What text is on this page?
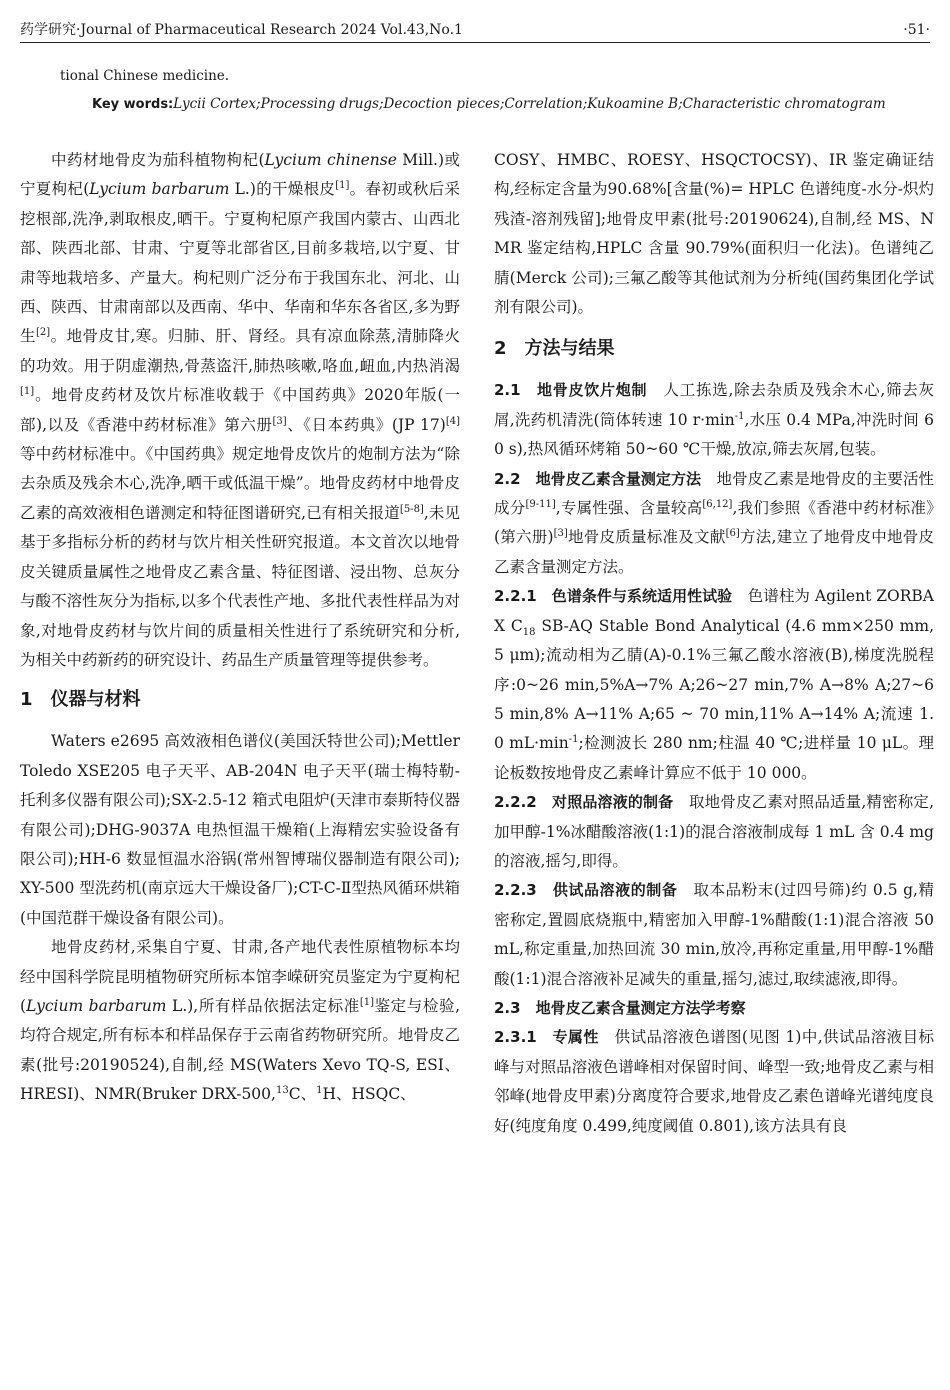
药学研究·Journal of Pharmaceutical Research 2024 Vol.43,No.1	·51·
tional Chinese medicine.
Key words:Lycii Cortex;Processing drugs;Decoction pieces;Correlation;Kukoamine B;Characteristic chromatogram

中药材地骨皮为茄科植物枸杞(Lycium chinense Mill.)或宁夏枸杞(Lycium barbarum L.)的干燥根皮[1]。春初或秋后采挖根部,洗净,剥取根皮,晒干。宁夏枸杞原产我国内蒙古、山西北部、陕西北部、甘肃、宁夏等北部省区,目前多栽培,以宁夏、甘肃等地栽培多、产量大。枸杞则广泛分布于我国东北、河北、山西、陕西、甘肃南部以及西南、华中、华南和华东各省区,多为野生[2]。地骨皮甘,寒。归肺、肝、肾经。具有凉血除蒸,清肺降火的功效。用于阴虚潮热,骨蒸盗汗,肺热咳嗽,咯血,衄血,内热消渴[1]。地骨皮药材及饮片标准收载于《中国药典》2020年版(一部),以及《香港中药材标准》第六册[3]、《日本药典》(JP 17)[4]等中药材标准中。《中国药典》规定地骨皮饮片的炮制方法为“除去杂质及残余木心,洗净,晒干或低温干燥”。地骨皮药材中地骨皮乙素的高效液相色谱测定和特征图谱研究,已有相关报道[5-8],未见基于多指标分析的药材与饮片相关性研究报道。本文首次以地骨皮关键质量属性之地骨皮乙素含量、特征图谱、浸出物、总灰分与酸不溶性灰分为指标,以多个代表性产地、多批代表性样品为对象,对地骨皮药材与饮片间的质量相关性进行了系统研究和分析,为相关中药新药的研究设计、药品生产质量管理等提供参考。

1　仪器与材料

Waters e2695 高效液相色谱仪(美国沃特世公司);Mettler Toledo XSE205 电子天平、AB-204N 电子天平(瑞士梅特勒-托利多仪器有限公司);SX-2.5-12 箱式电阻炉(天津市泰斯特仪器有限公司);DHG-9037A 电热恒温干燥箱(上海精宏实验设备有限公司);HH-6 数显恒温水浴锅(常州智博瑞仪器制造有限公司);XY-500 型洗药机(南京远大干燥设备厂);CT-C-Ⅱ型热风循环烘箱(中国范群干燥设备有限公司)。

地骨皮药材,采集自宁夏、甘肃,各产地代表性原植物标本均经中国科学院昆明植物研究所标本馆李嵘研究员鉴定为宁夏枸杞(Lycium barbarum L.),所有样品依据法定标准[1]鉴定与检验,均符合规定,所有标本和样品保存于云南省药物研究所。地骨皮乙素(批号:20190524),自制,经 MS(Waters Xevo TQ-S, ESI、HRESI)、NMR(Bruker DRX-500,13C、$^1$H、HSQC、

COSY、HMBC、ROESY、HSQCTOCSY)、IR 鉴定确证结构,经标定含量为90.68%[含量(%)= HPLC 色谱纯度-水分-炽灼残渣-溶剂残留];地骨皮甲素(批号:20190624),自制,经 MS、NMR 鉴定结构,HPLC 含量 90.79%(面积归一化法)。色谱纯乙腈(Merck 公司);三氟乙酸等其他试剂为分析纯(国药集团化学试剂有限公司)。

2　方法与结果

2.1　地骨皮饮片炮制　人工拣选,除去杂质及残余木心,筛去灰屑,洗药机清洗(筒体转速 10 $r\cdot\min^{-1}$,水压 0.4 MPa,冲洗时间 60 s),热风循环烤箱 50~60 ℃干燥,放凉,筛去灰屑,包装。

2.2　地骨皮乙素含量测定方法　地骨皮乙素是地骨皮的主要活性成分[9-11],专属性强、含量较高[6,12],我们参照《香港中药材标准》(第六册)[3]地骨皮质量标准及文献[6]方法,建立了地骨皮中地骨皮乙素含量测定方法。

2.2.1　色谱条件与系统适用性试验　色谱柱为 Agilent ZORBAX $C_{18}$ SB-AQ Stable Bond Analytical (4.6 mm×250 mm,5 μm);流动相为乙腈(A)-0.1%三氟乙酸水溶液(B),梯度洗脱程序:0~26 min,5%A→7% A;26~27 min,7% A→8% A;27~65 min,8% A→11% A;65 ~ 70 min,11% A→14% A;流速 1.0 $mL\cdot\min^{-1}$;检测波长 280 nm;柱温 40 ℃;进样量 10 μL。理论板数按地骨皮乙素峰计算应不低于 10 000。

2.2.2　对照品溶液的制备　取地骨皮乙素对照品适量,精密称定,加甲醇-1%冰醋酸溶液(1:1)的混合溶液制成每 1 mL 含 0.4 mg 的溶液,摇匀,即得。

2.2.3　供试品溶液的制备　取本品粉末(过四号筛)约 0.5 g,精密称定,置圆底烧瓶中,精密加入甲醇-1%醋酸(1:1)混合溶液 50 mL,称定重量,加热回流 30 min,放冷,再称定重量,用甲醇-1%醋酸(1:1)混合溶液补足减失的重量,摇匀,滤过,取续滤液,即得。

2.3　地骨皮乙素含量测定方法学考察

2.3.1　专属性　供试品溶液色谱图(见图 1)中,供试品溶液目标峰与对照品溶液色谱峰相对保留时间、峰型一致;地骨皮乙素与相邻峰(地骨皮甲素)分离度符合要求,地骨皮乙素色谱峰光谱纯度良好(纯度角度 0.499,纯度阈值 0.801),该方法具有良
